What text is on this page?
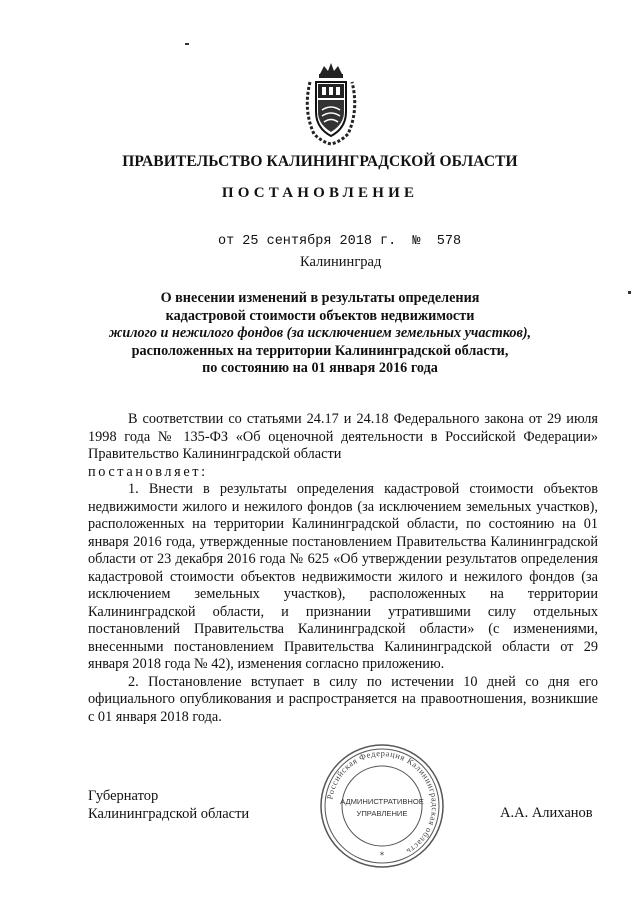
ПРАВИТЕЛЬСТВО КАЛИНИНГРАДСКОЙ ОБЛАСТИ
ПОСТАНОВЛЕНИЕ
от 25 сентября 2018 г.  №  578
Калининград
О внесении изменений в результаты определения
кадастровой стоимости объектов недвижимости
жилого и нежилого фондов (за исключением земельных участков),
расположенных на территории Калининградской области,
по состоянию на 01 января 2016 года

В соответствии со статьями 24.17 и 24.18 Федерального закона от 29 июля 1998 года № 135-ФЗ «Об оценочной деятельности в Российской Федерации» Правительство Калининградской области
постановляет:

1. Внести в результаты определения кадастровой стоимости объектов недвижимости жилого и нежилого фондов (за исключением земельных участков), расположенных на территории Калининградской области, по состоянию на 01 января 2016 года, утвержденные постановлением Правительства Калининградской области от 23 декабря 2016 года № 625 «Об утверждении результатов определения кадастровой стоимости объектов недвижимости жилого и нежилого фондов (за исключением земельных участков), расположенных на территории Калининградской области, и признании утратившими силу отдельных постановлений Правительства Калининградской области» (с изменениями, внесенными постановлением Правительства Калининградской области от 29 января 2018 года № 42), изменения согласно приложению.

2. Постановление вступает в силу по истечении 10 дней со дня его официального опубликования и распространяется на правоотношения, возникшие с 01 января 2018 года.

Губернатор
Калининградской области	А.А. Алиханов
Российская Федерация Калининградская область
АДМИНИСТРАТИВНОЕ
УПРАВЛЕНИЕ
*
